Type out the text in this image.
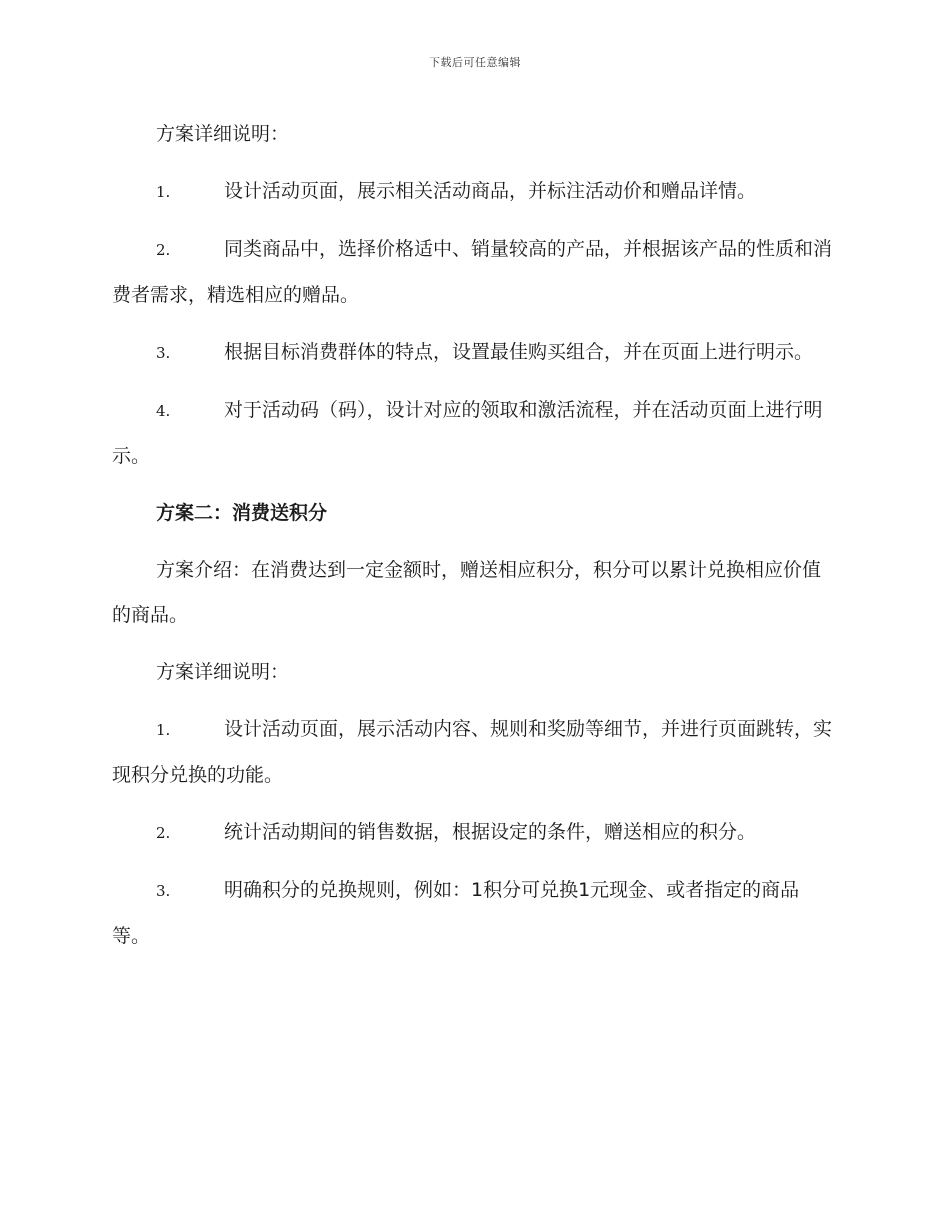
下载后可任意编辑

方案详细说明：

1.	设计活动页面，展示相关活动商品，并标注活动价和赠品详情。

2.	同类商品中，选择价格适中、销量较高的产品，并根据该产品的性质和消费者需求，精选相应的赠品。

3.	根据目标消费群体的特点，设置最佳购买组合，并在页面上进行明示。

4.	对于活动码（码），设计对应的领取和激活流程，并在活动页面上进行明示。

方案二：消费送积分

方案介绍：在消费达到一定金额时，赠送相应积分，积分可以累计兑换相应价值的商品。

方案详细说明：

1.	设计活动页面，展示活动内容、规则和奖励等细节，并进行页面跳转，实现积分兑换的功能。

2.	统计活动期间的销售数据，根据设定的条件，赠送相应的积分。

3.	明确积分的兑换规则，例如：1积分可兑换1元现金、或者指定的商品等。
